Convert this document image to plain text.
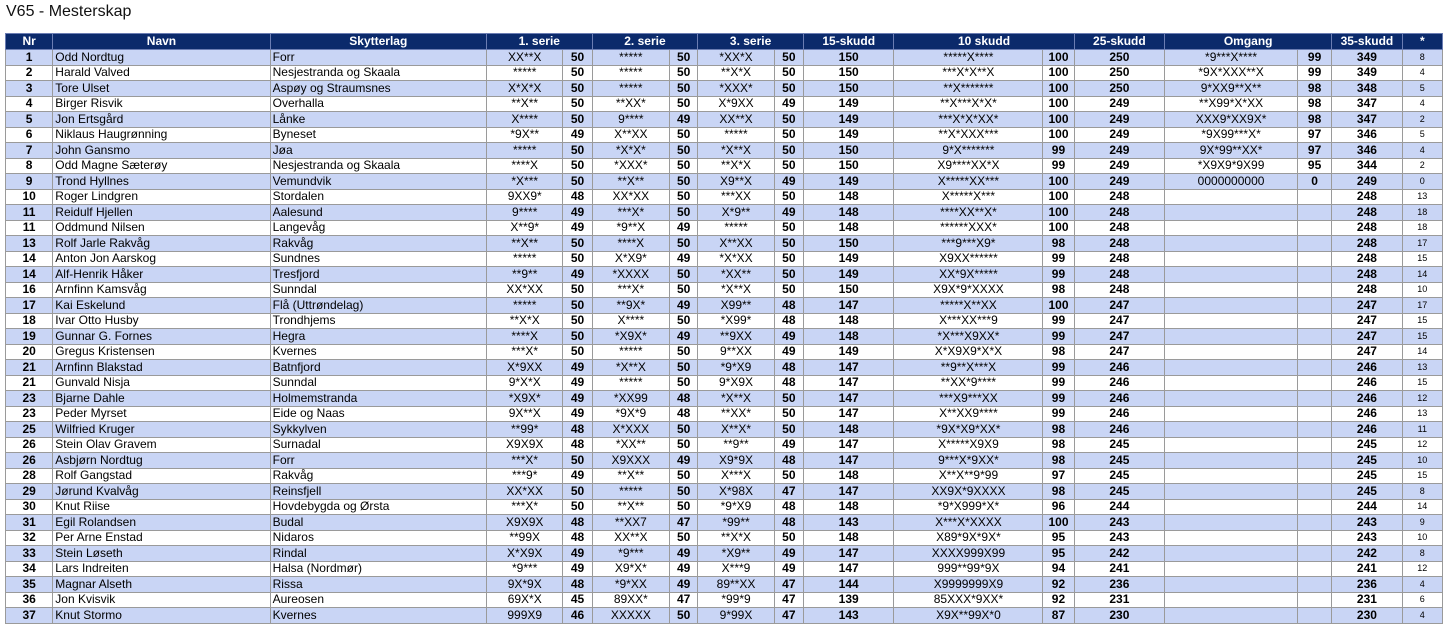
V65 - Mesterskap
Nr	Navn	Skytterlag	1. serie		2. serie		3. serie		15-skudd	10 skudd		25-skudd	Omgang		35-skudd	*
1	Odd Nordtug	Forr	XX**X	50	*****	50	*XX*X	50	150	*****X****	100	250	*9***X****	99	349	8
2	Harald Valved	Nesjestranda og Skaala	*****	50	*****	50	**X*X	50	150	***X*X**X	100	250	*9X*XXX**X	99	349	4
3	Tore Ulset	Aspøy og Straumsnes	X*X*X	50	*****	50	*XXX*	50	150	**X*******	100	250	9*XX9**X**	98	348	5
4	Birger Risvik	Overhalla	**X**	50	**XX*	50	X*9XX	49	149	**X***X*X*	100	249	**X99*X*XX	98	347	4
5	Jon Ertsgård	Lånke	X****	50	9****	49	XX**X	50	149	***X*X*XX*	100	249	XXX9*XX9X*	98	347	2
6	Niklaus Haugrønning	Byneset	*9X**	49	X**XX	50	*****	50	149	**X*XXX***	100	249	*9X99***X*	97	346	5
7	John Gansmo	Jøa	*****	50	*X*X*	50	*X**X	50	150	9*X*******	99	249	9X*99**XX*	97	346	4
8	Odd Magne Sæterøy	Nesjestranda og Skaala	****X	50	*XXX*	50	**X*X	50	150	X9****XX*X	99	249	*X9X9*9X99	95	344	2
9	Trond Hyllnes	Vemundvik	*X***	50	**X**	50	X9**X	49	149	X*****XX***	100	249	0000000000	0	249	0
10	Roger Lindgren	Stordalen	9XX9*	48	XX*XX	50	***XX	50	148	X*****X***	100	248			248	13
11	Reidulf Hjellen	Aalesund	9****	49	***X*	50	X*9**	49	148	****XX**X*	100	248			248	18
11	Oddmund Nilsen	Langevåg	X**9*	49	*9**X	49	*****	50	148	******XXX*	100	248			248	18
13	Rolf Jarle Rakvåg	Rakvåg	**X**	50	****X	50	X**XX	50	150	***9***X9*	98	248			248	17
14	Anton Jon Aarskog	Sundnes	*****	50	X*X9*	49	*X*XX	50	149	X9XX******	99	248			248	15
14	Alf-Henrik Håker	Tresfjord	**9**	49	*XXXX	50	*XX**	50	149	XX*9X*****	99	248			248	14
16	Arnfinn Kamsvåg	Sunndal	XX*XX	50	***X*	50	*X**X	50	150	X9X*9*XXXX	98	248			248	10
17	Kai Eskelund	Flå (Uttrøndelag)	*****	50	**9X*	49	X99**	48	147	*****X**XX	100	247			247	17
18	Ivar Otto Husby	Trondhjems	**X*X	50	X****	50	*X99*	48	148	X***XX***9	99	247			247	15
19	Gunnar G. Fornes	Hegra	****X	50	*X9X*	49	**9XX	49	148	*X***X9XX*	99	247			247	15
20	Gregus Kristensen	Kvernes	***X*	50	*****	50	9**XX	49	149	X*X9X9*X*X	98	247			247	14
21	Arnfinn Blakstad	Batnfjord	X*9XX	49	*X**X	50	*9*X9	48	147	**9**X***X	99	246			246	13
21	Gunvald Nisja	Sunndal	9*X*X	49	*****	50	9*X9X	48	147	**XX*9****	99	246			246	15
23	Bjarne Dahle	Holmemstranda	*X9X*	49	*XX99	48	*X**X	50	147	***X9***XX	99	246			246	12
23	Peder Myrset	Eide og Naas	9X**X	49	*9X*9	48	**XX*	50	147	X**XX9****	99	246			246	13
25	Wilfried Kruger	Sykkylven	**99*	48	X*XXX	50	X**X*	50	148	*9X*X9*XX*	98	246			246	11
26	Stein Olav Gravem	Surnadal	X9X9X	48	*XX**	50	**9**	49	147	X*****X9X9	98	245			245	12
26	Asbjørn Nordtug	Forr	***X*	50	X9XXX	49	X9*9X	48	147	9***X*9XX*	98	245			245	10
28	Rolf Gangstad	Rakvåg	***9*	49	**X**	50	X***X	50	148	X**X**9*99	97	245			245	15
29	Jørund Kvalvåg	Reinsfjell	XX*XX	50	*****	50	X*98X	47	147	XX9X*9XXXX	98	245			245	8
30	Knut Riise	Hovdebygda og Ørsta	***X*	50	**X**	50	*9*X9	48	148	*9*X999*X*	96	244			244	14
31	Egil Rolandsen	Budal	X9X9X	48	**XX7	47	*99**	48	143	X***X*XXXX	100	243			243	9
32	Per Arne Enstad	Nidaros	**99X	48	XX**X	50	**X*X	50	148	X89*9X*9X*	95	243			243	10
33	Stein Løseth	Rindal	X*X9X	49	*9***	49	*X9**	49	147	XXXX999X99	95	242			242	8
34	Lars Indreiten	Halsa (Nordmør)	*9***	49	X9*X*	49	X***9	49	147	999**99*9X	94	241			241	12
35	Magnar Alseth	Rissa	9X*9X	48	*9*XX	49	89**XX	47	144	X9999999X9	92	236			236	4
36	Jon Kvisvik	Aureosen	69X*X	45	89XX*	47	*99*9	47	139	85XXX*9XX*	92	231			231	6
37	Knut Stormo	Kvernes	999X9	46	XXXXX	50	9*99X	47	143	X9X**99X*0	87	230			230	4
